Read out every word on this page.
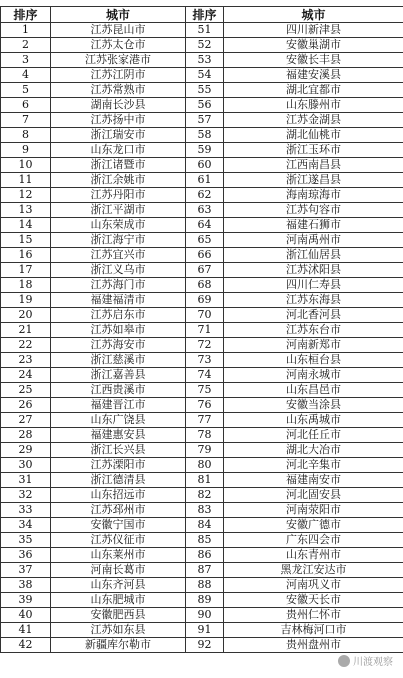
排序	城市	排序	城市
1	江苏昆山市	51	四川新津县
2	江苏太仓市	52	安徽巢湖市
3	江苏张家港市	53	安徽长丰县
4	江苏江阴市	54	福建安溪县
5	江苏常熟市	55	湖北宜都市
6	湖南长沙县	56	山东滕州市
7	江苏扬中市	57	江苏金湖县
8	浙江瑞安市	58	湖北仙桃市
9	山东龙口市	59	浙江玉环市
10	浙江诸暨市	60	江西南昌县
11	浙江余姚市	61	浙江遂昌县
12	江苏丹阳市	62	海南琼海市
13	浙江平湖市	63	江苏句容市
14	山东荣成市	64	福建石狮市
15	浙江海宁市	65	河南禹州市
16	江苏宜兴市	66	浙江仙居县
17	浙江义乌市	67	江苏沭阳县
18	江苏海门市	68	四川仁寿县
19	福建福清市	69	江苏东海县
20	江苏启东市	70	河北香河县
21	江苏如皋市	71	江苏东台市
22	江苏海安市	72	河南新郑市
23	浙江慈溪市	73	山东桓台县
24	浙江嘉善县	74	河南永城市
25	江西贵溪市	75	山东昌邑市
26	福建晋江市	76	安徽当涂县
27	山东广饶县	77	山东禹城市
28	福建惠安县	78	河北任丘市
29	浙江长兴县	79	湖北大冶市
30	江苏溧阳市	80	河北辛集市
31	浙江德清县	81	福建南安市
32	山东招远市	82	河北固安县
33	江苏邳州市	83	河南荥阳市
34	安徽宁国市	84	安徽广德市
35	江苏仪征市	85	广东四会市
36	山东莱州市	86	山东青州市
37	河南长葛市	87	黑龙江安达市
38	山东齐河县	88	河南巩义市
39	山东肥城市	89	安徽天长市
40	安徽肥西县	90	贵州仁怀市
41	江苏如东县	91	吉林梅河口市
42	新疆库尔勒市	92	贵州盘州市
川渡观察
